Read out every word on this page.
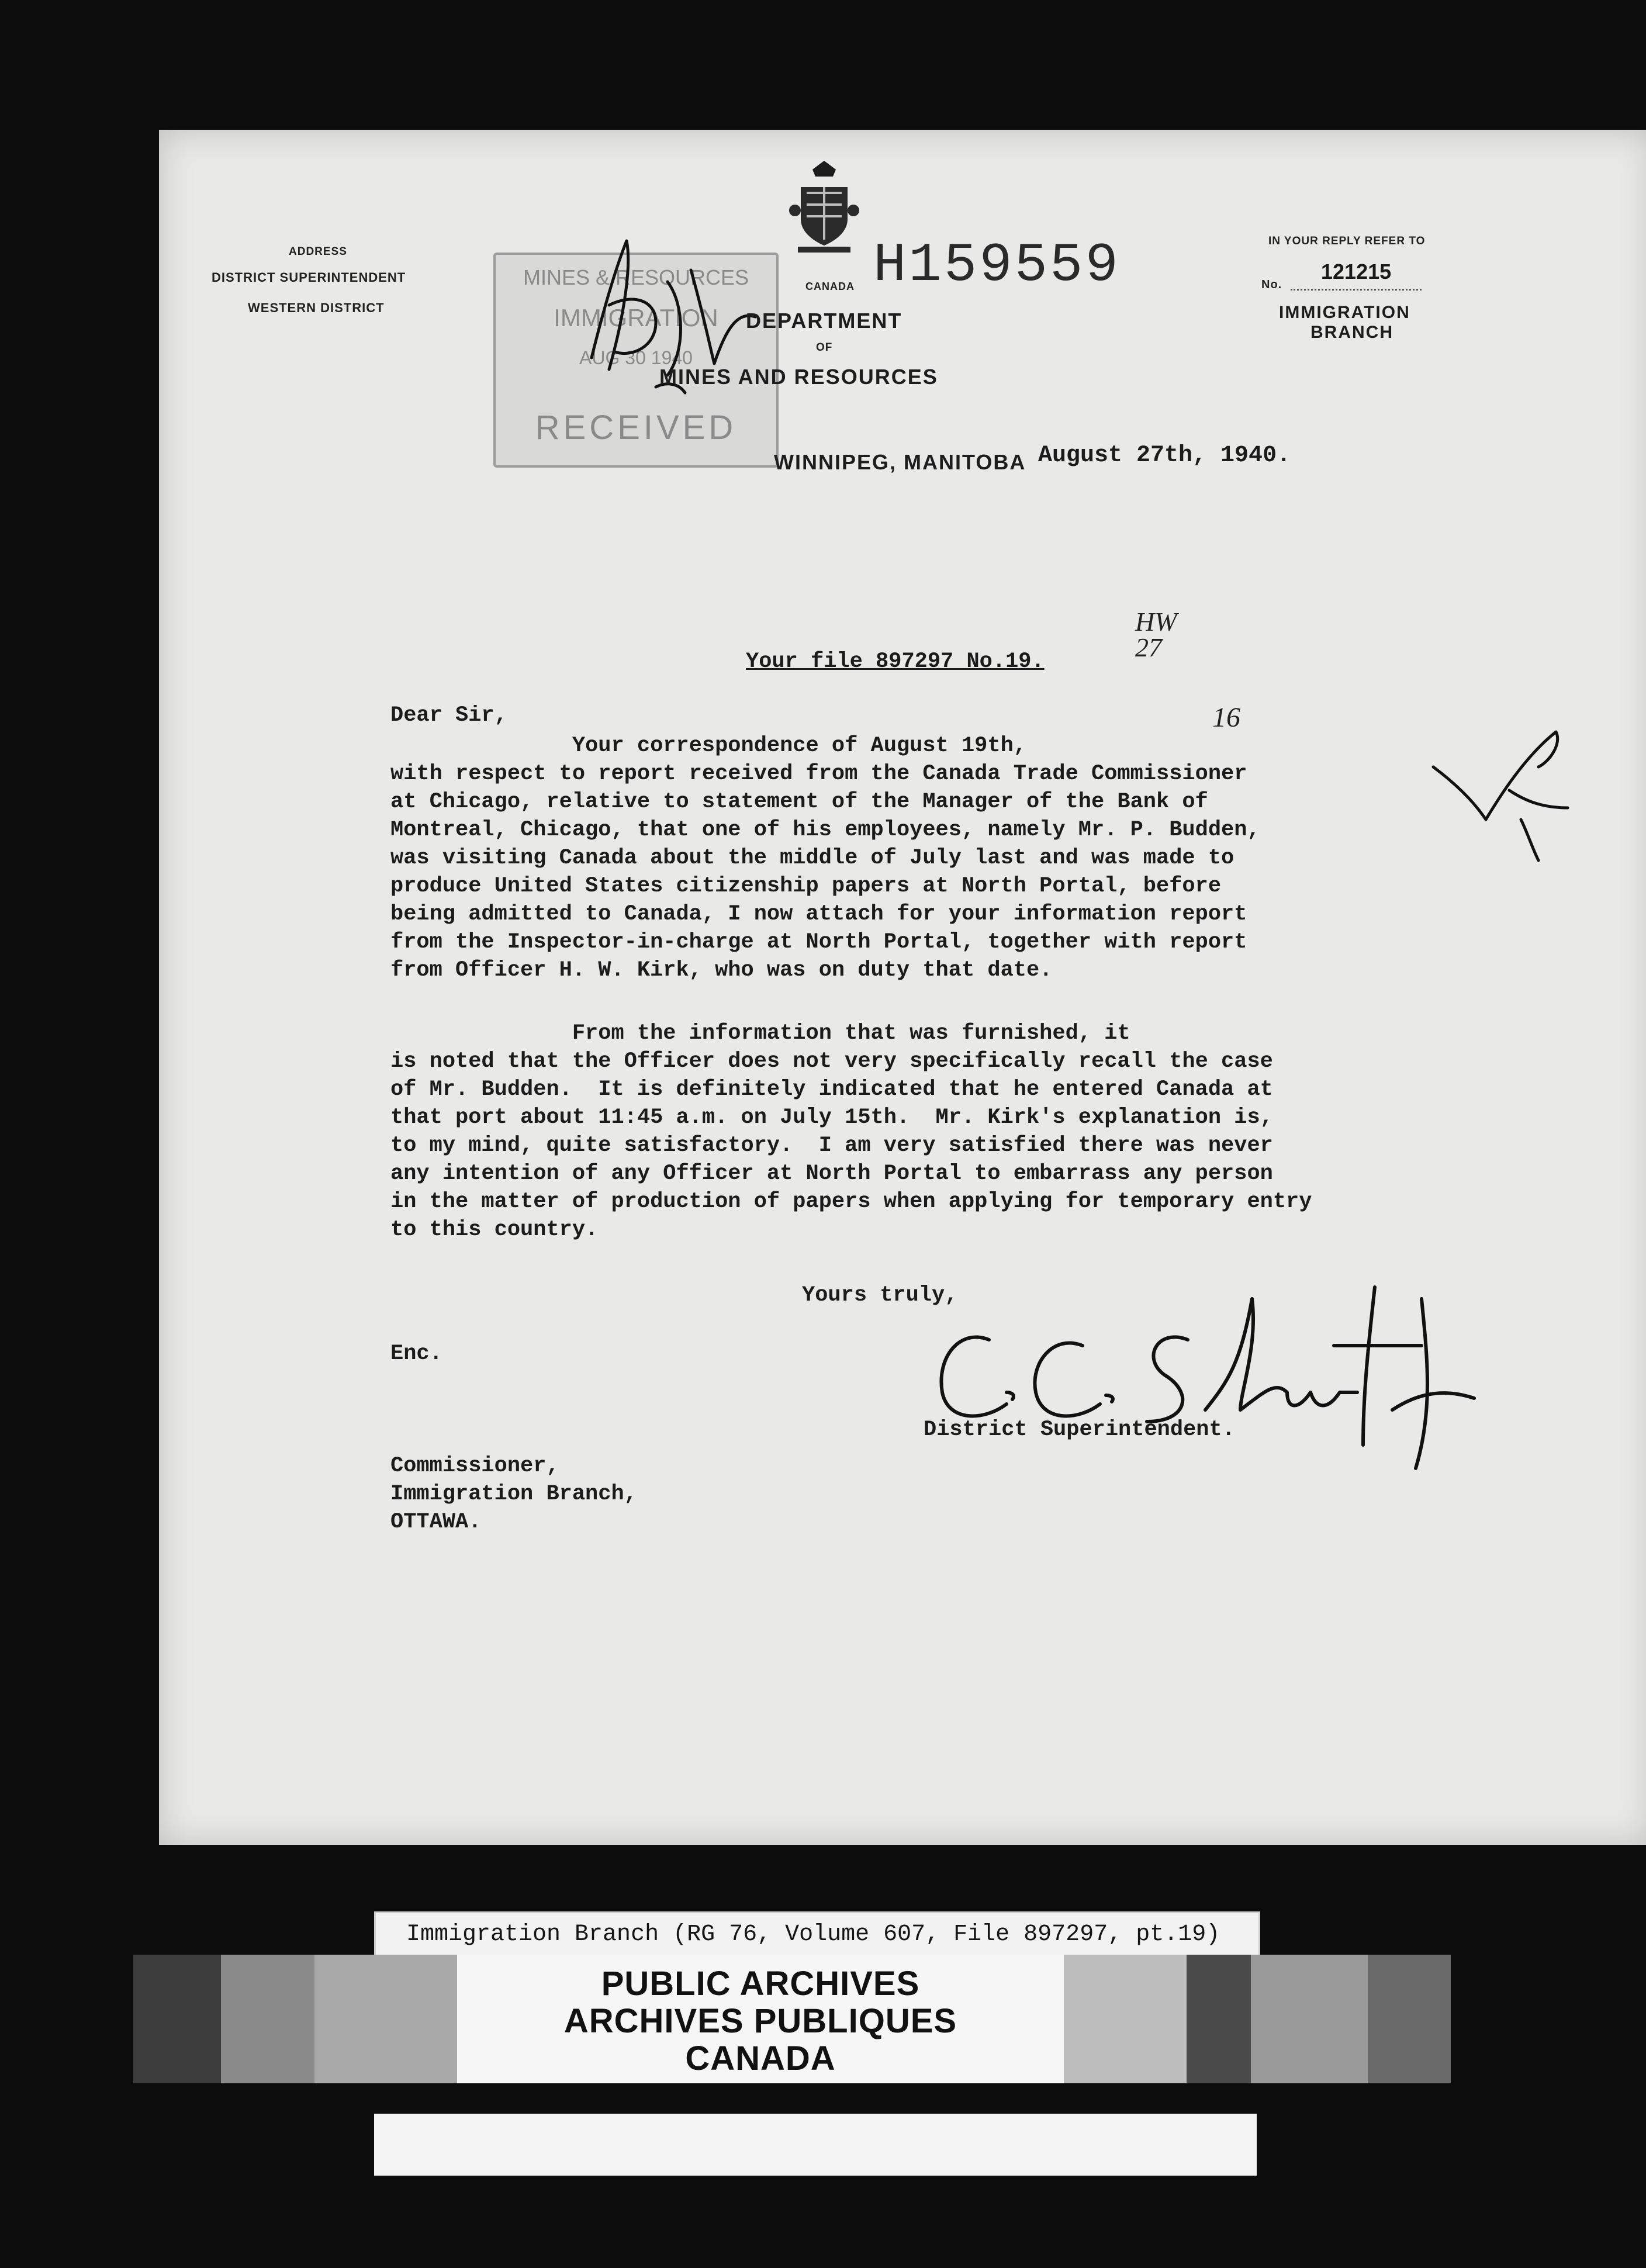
ADDRESS
DISTRICT SUPERINTENDENT
WESTERN DISTRICT
MINES & RESOURCES
IMMIGRATION
AUG 30 1940
RECEIVED
CANADA H159559
DEPARTMENT
OF
MINES AND RESOURCES
IN YOUR REPLY REFER TO
No.
121215
IMMIGRATION
BRANCH
WINNIPEG, MANITOBA August 27th, 1940.
Your file 897297 No.19.
HW 27
Dear Sir,	16
Your correspondence of August 19th,
with respect to report received from the Canada Trade Commissioner
at Chicago, relative to statement of the Manager of the Bank of
Montreal, Chicago, that one of his employees, namely Mr. P. Budden,
was visiting Canada about the middle of July last and was made to
produce United States citizenship papers at North Portal, before
being admitted to Canada, I now attach for your information report
from the Inspector-in-charge at North Portal, together with report
from Officer H. W. Kirk, who was on duty that date.
From the information that was furnished, it
is noted that the Officer does not very specifically recall the case
of Mr. Budden.  It is definitely indicated that he entered Canada at
that port about 11:45 a.m. on July 15th.  Mr. Kirk's explanation is,
to my mind, quite satisfactory.  I am very satisfied there was never
any intention of any Officer at North Portal to embarrass any person
in the matter of production of papers when applying for temporary entry
to this country.
Yours truly,
District Superintendent.
Enc.
Commissioner,
Immigration Branch,
OTTAWA.
Immigration Branch (RG 76, Volume 607, File 897297, pt.19)
PUBLIC ARCHIVES
ARCHIVES PUBLIQUES
CANADA
